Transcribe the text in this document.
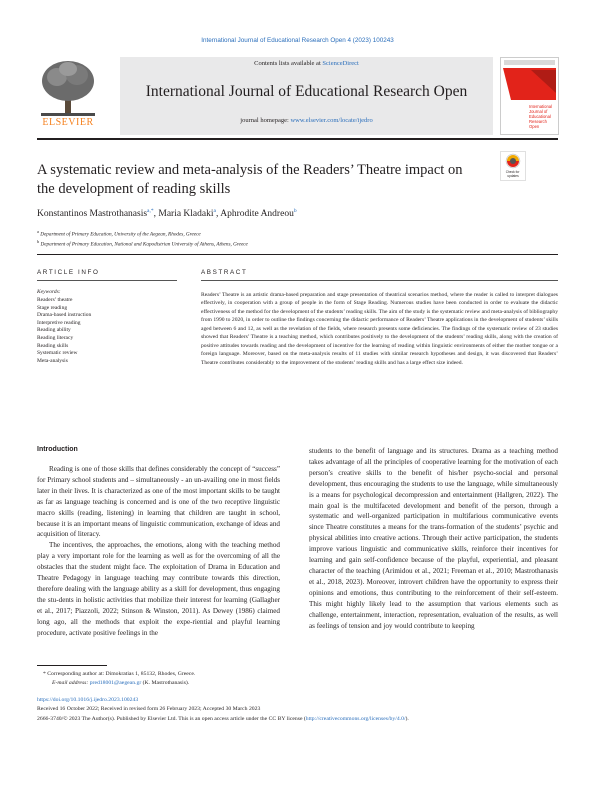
International Journal of Educational Research Open 4 (2023) 100243
ELSEVIER
Contents lists available at ScienceDirect
International Journal of Educational Research Open
journal homepage: www.elsevier.com/locate/ijedro
International Journal of Educational Research Open
A systematic review and meta-analysis of the Readers’ Theatre impact on the development of reading skills
Check for updates
Konstantinos Mastrothanasis$^{a,*}$, Maria Kladaki$^a$, Aphrodite Andreou$^b$
$^a$ Department of Primary Education, University of the Aegean, Rhodes, Greece
$^b$ Department of Primary Education, National and Kapodistrian University of Athens, Athens, Greece
ARTICLE INFO	ABSTRACT
Keywords:
Readers’ theatre
Stage reading
Drama-based instruction
Interpretive reading
Reading ability
Reading literacy
Reading skills
Systematic review
Meta-analysis
Readers’ Theatre is an artistic drama-based preparation and stage presentation of theatrical scenarios method, where the reader is called to interpret dialogues effectively, in cooperation with a group of people in the form of Stage Reading. Numerous studies have been conducted in order to evaluate the didactic effectiveness of the method for the development of the students’ reading skills. The aim of the study is the systematic review and meta-analysis of bibliography from 1990 to 2020, in order to outline the findings concerning the didactic performance of Readers’ Theatre applications in the development of students’ skills aged between 6 and 12, as well as the revelation of the fields, where research presents some deficiencies. The findings of the systematic review of 23 studies showed that Readers’ Theatre is a teaching method, which contributes positively to the development of the students’ reading skills, along with the creation of positive attitudes towards reading and the development of incentive for the learning of reading within linguistic environments of either the mother tongue or a foreign language. Moreover, based on the meta-analysis results of 11 studies with similar research hypotheses and design, it was discovered that Readers’ Theatre contributes considerably to the improvement of the students’ reading skills and has a large effect size indeed.
Introduction
Reading is one of those skills that defines considerably the concept of “success” for Primary school students and – simultaneously - an un-availing one in most fields later in their lives. It is characterized as one of the most important skills to be taught as far as language teaching is concerned and is one of the two receptive linguistic macro skills (reading, listening) in learning that children are taught in school, because it is an important means of linguistic communication, exchange of ideas and acquisition of literacy.
The incentives, the approaches, the emotions, along with the teaching method play a very important role for the learning as well as for the overcoming of all the obstacles that the student might face. The exploitation of Drama in Education and Theatre Pedagogy in language teaching may contribute towards this direction, therefore dealing with the language ability as a skill for development, thus engaging the stu-dents in holistic activities that mobilize their interest for learning (Gallagher et al., 2017; Piazzoli, 2022; Stinson & Winston, 2011). As Dewey (1986) claimed long ago, all the methods that exploit the expe-riential and playful learning procedure, activate positive feelings in the
students to the benefit of language and its structures. Drama as a teaching method takes advantage of all the principles of cooperative learning for the motivation of each person’s creative skills to the benefit of his/her psycho-social and personal development, thus encouraging the students to use the language, while simultaneously is a means for psychological decompression and entertainment (Hallgren, 2022). The main goal is the multifaceted development and benefit of the person, through a systematic and well-organized participation in multifarious communicative events since Theatre constitutes a means for the trans-formation of the students’ psychic and physical abilities into creative actions. Through their active participation, the students improve various linguistic and communicative skills, reinforce their incentives for learning and gain self-confidence because of the playful, experiential, and pleasant character of the teaching (Arimidou et al., 2021; Freeman et al., 2010; Mastrothanasis et al., 2018, 2023). Moreover, introvert children have the opportunity to express their opinions and emotions, thus contributing to the reinforcement of their self-esteem. This might highly likely lead to the assumption that various elements such as challenge, entertainment, interaction, representation, evaluation of the results, as well as feelings of tension and joy would contribute to keeping
* Corresponding author at: Dimokratias 1, 85132, Rhodes, Greece.
E-mail address: pred18001@aegean.gr (K. Mastrothanasis).
https://doi.org/10.1016/j.ijedro.2023.100243
Received 16 October 2022; Received in revised form 26 February 2023; Accepted 30 March 2023
2666-3740/© 2023 The Author(s). Published by Elsevier Ltd. This is an open access article under the CC BY license (http://creativecommons.org/licenses/by/4.0/).
